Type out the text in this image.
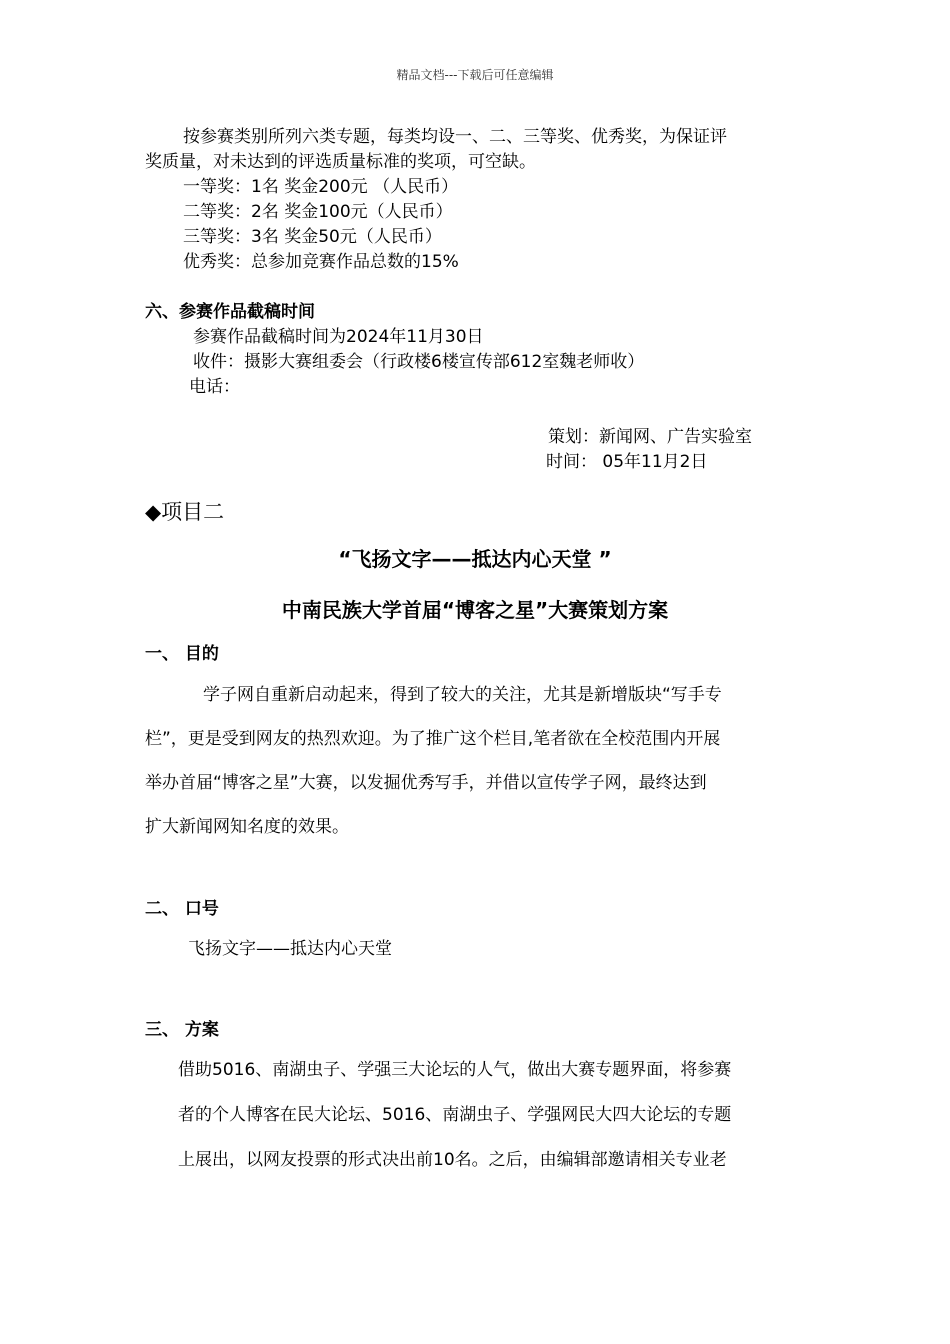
精品文档---下载后可任意编辑
按参赛类别所列六类专题，每类均设一、二、三等奖、优秀奖，为保证评
奖质量，对未达到的评选质量标准的奖项，可空缺。
一等奖：1名 奖金200元 （人民币）
二等奖：2名 奖金100元（人民币）
三等奖：3名 奖金50元（人民币）
优秀奖：总参加竞赛作品总数的15%
六、参赛作品截稿时间
参赛作品截稿时间为2024年11月30日
收件：摄影大赛组委会（行政楼6楼宣传部612室魏老师收）
电话：
策划：新闻网、广告实验室
时间： 05年11月2日
◆项目二
“飞扬文字——抵达内心天堂 ”
中南民族大学首届“博客之星”大赛策划方案
一、 目的
学子网自重新启动起来，得到了较大的关注，尤其是新增版块“写手专
栏”，更是受到网友的热烈欢迎。为了推广这个栏目,笔者欲在全校范围内开展
举办首届“博客之星”大赛，以发掘优秀写手，并借以宣传学子网，最终达到
扩大新闻网知名度的效果。
二、 口号
飞扬文字——抵达内心天堂
三、 方案
借助5016、南湖虫子、学强三大论坛的人气，做出大赛专题界面，将参赛
者的个人博客在民大论坛、5016、南湖虫子、学强网民大四大论坛的专题
上展出，以网友投票的形式决出前10名。之后，由编辑部邀请相关专业老
